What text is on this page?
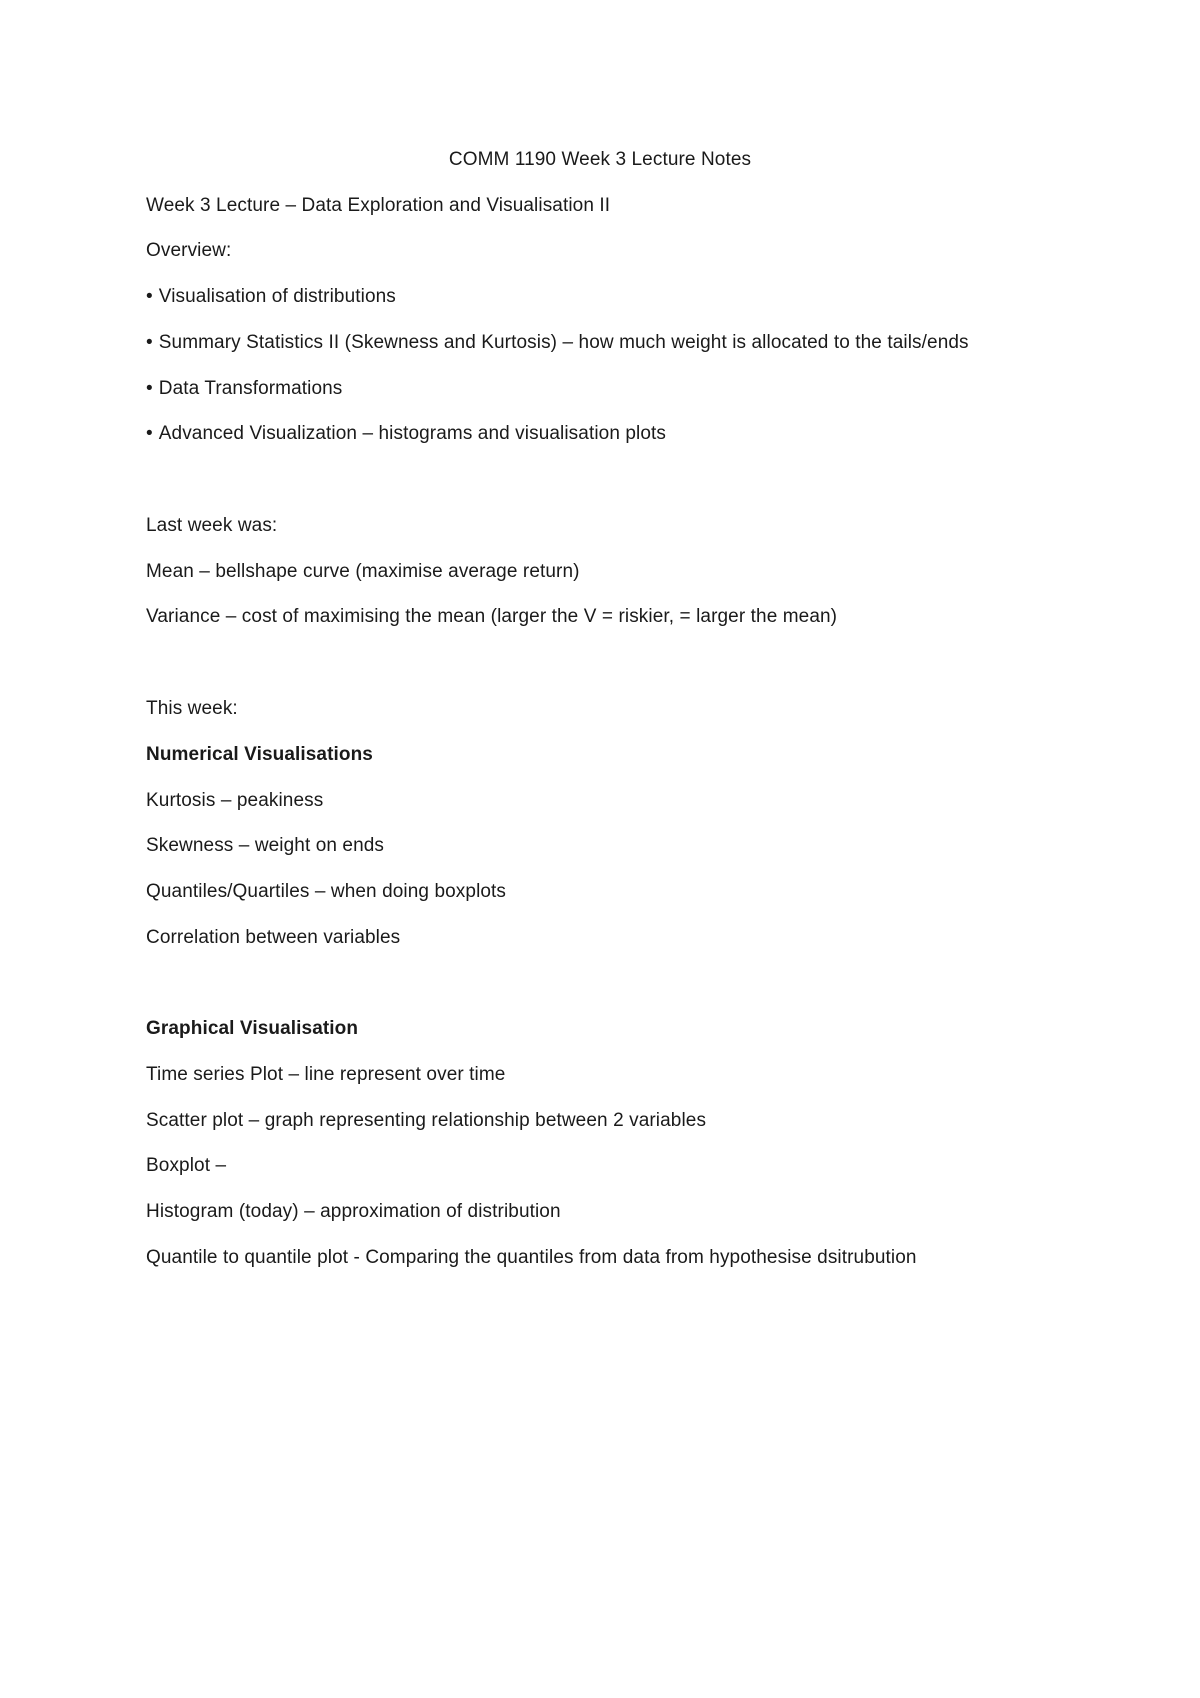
COMM 1190 Week 3 Lecture Notes
Week 3 Lecture – Data Exploration and Visualisation II
Overview:
• Visualisation of distributions
• Summary Statistics II (Skewness and Kurtosis) – how much weight is allocated to the tails/ends
• Data Transformations
• Advanced Visualization – histograms and visualisation plots
Last week was:
Mean – bellshape curve (maximise average return)
Variance – cost of maximising the mean (larger the V = riskier, = larger the mean)
This week:
Numerical Visualisations
Kurtosis – peakiness
Skewness – weight on ends
Quantiles/Quartiles – when doing boxplots
Correlation between variables
Graphical Visualisation
Time series Plot – line represent over time
Scatter plot – graph representing relationship between 2 variables
Boxplot –
Histogram (today) – approximation of distribution
Quantile to quantile plot - Comparing the quantiles from data from hypothesise dsitrubution
